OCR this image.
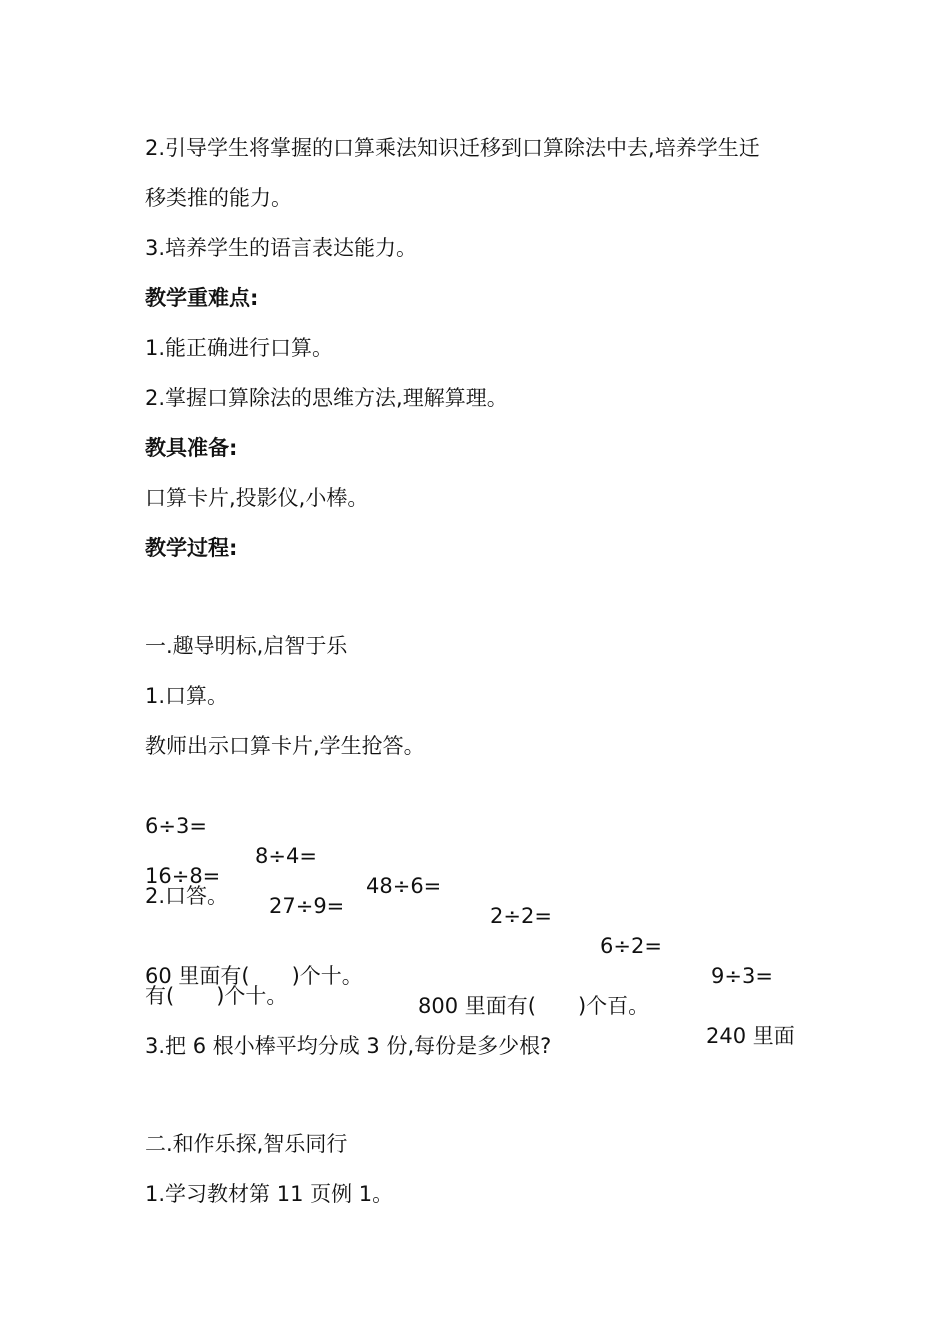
2.引导学生将掌握的口算乘法知识迁移到口算除法中去,培养学生迁

移类推的能力。

3.培养学生的语言表达能力。

教学重难点:

1.能正确进行口算。

2.掌握口算除法的思维方法,理解算理。

教具准备:

口算卡片,投影仪,小棒。

教学过程:

一.趣导明标,启智于乐

1.口算。

教师出示口算卡片,学生抢答。

6÷3=

8÷4=

48÷6=

2÷2=

6÷2=

9÷3=

16÷8=

27÷9=

2.口答。

60 里面有(　　)个十。

800 里面有(　　)个百。

240 里面

有(　　)个十。

3.把 6 根小棒平均分成 3 份,每份是多少根?

二.和作乐探,智乐同行

1.学习教材第 11 页例 1。
